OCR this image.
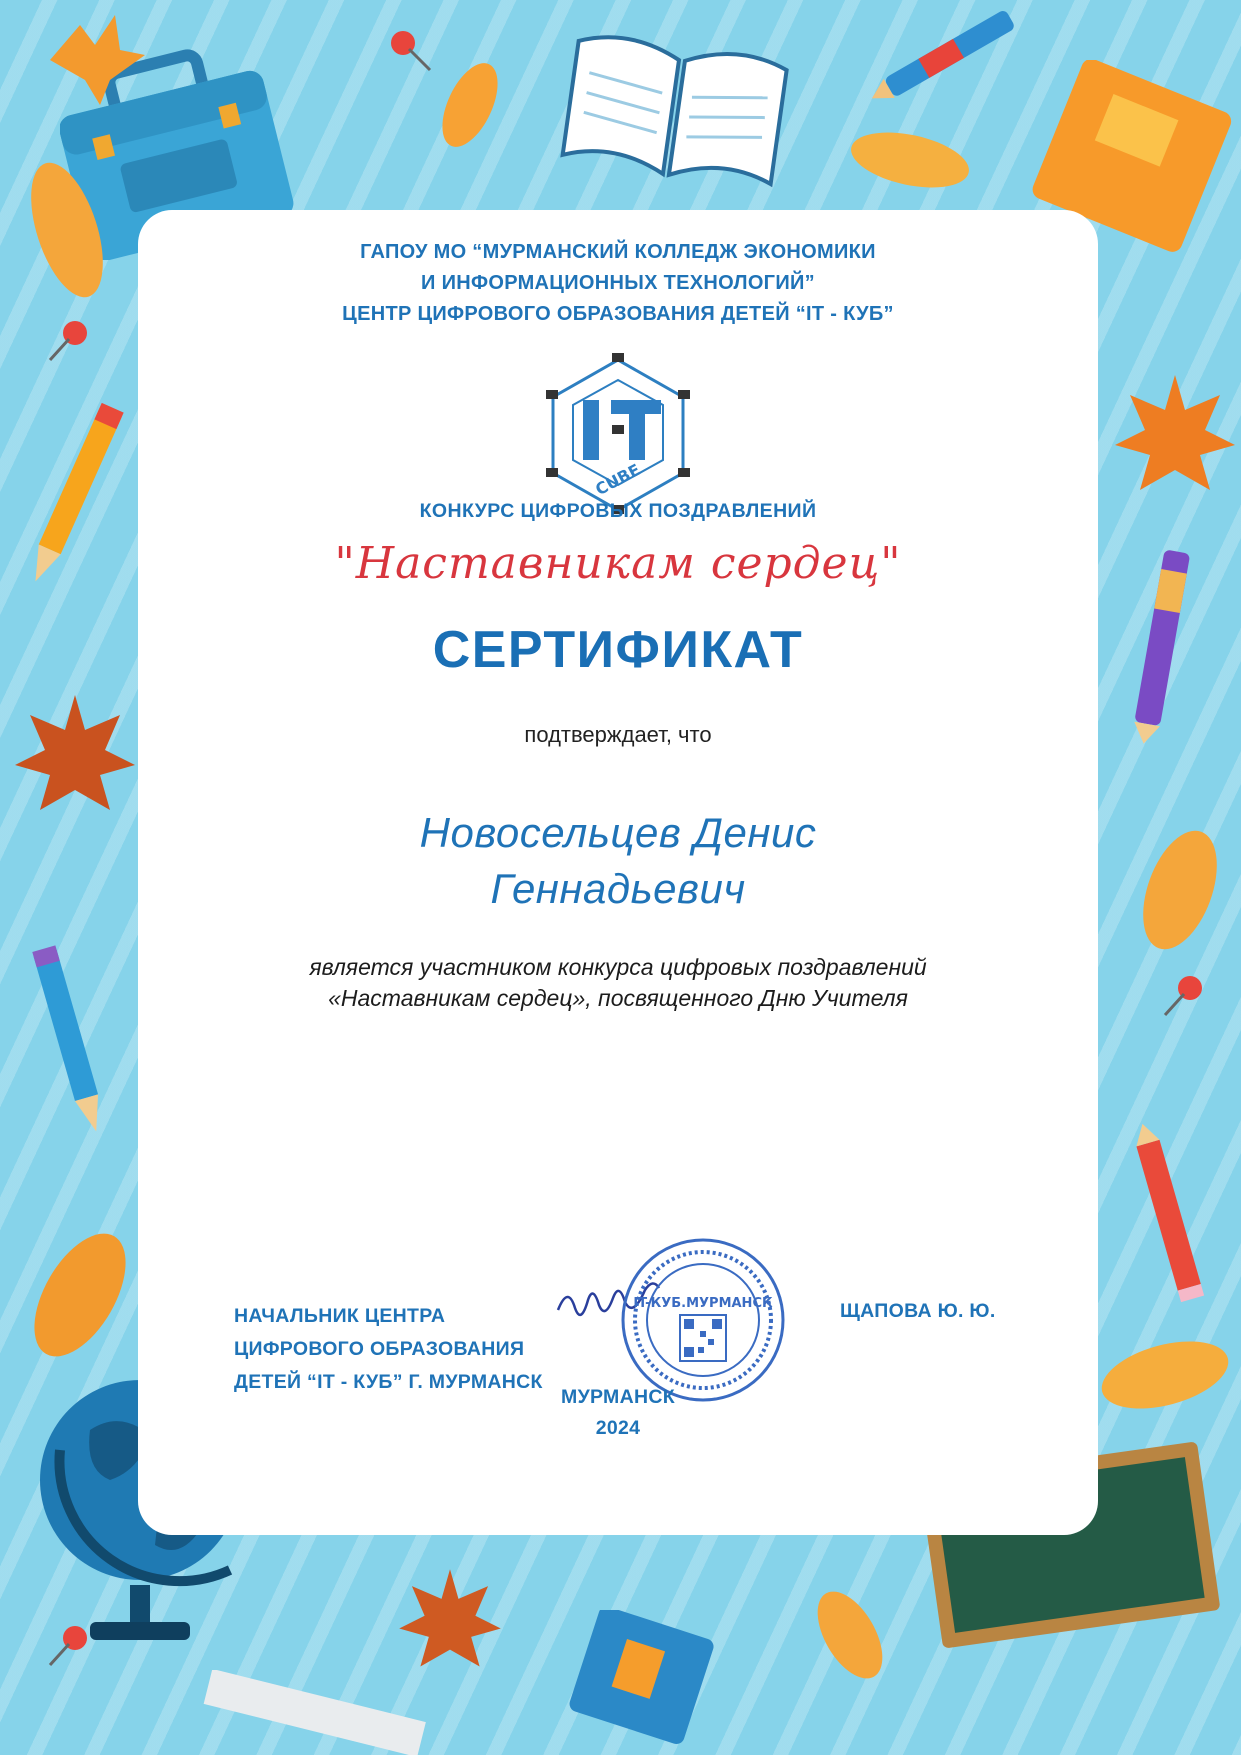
ГАПОУ МО “МУРМАНСКИЙ КОЛЛЕДЖ ЭКОНОМИКИ
И ИНФОРМАЦИОННЫХ ТЕХНОЛОГИЙ”
ЦЕНТР ЦИФРОВОГО ОБРАЗОВАНИЯ ДЕТЕЙ “IT - КУБ”
CUBE
КОНКУРС ЦИФРОВЫХ ПОЗДРАВЛЕНИЙ
"Наставникам сердец"
СЕРТИФИКАТ
подтверждает, что
Новосельцев Денис
Геннадьевич
является участником конкурса цифровых поздравлений
«Наставникам сердец», посвященного Дню Учителя
НАЧАЛЬНИК ЦЕНТРА
ЦИФРОВОГО ОБРАЗОВАНИЯ
ДЕТЕЙ “IT - КУБ” Г. МУРМАНСК
IT-КУБ.МУРМАНСК	ЩАПОВА Ю. Ю.
МУРМАНСК
2024
